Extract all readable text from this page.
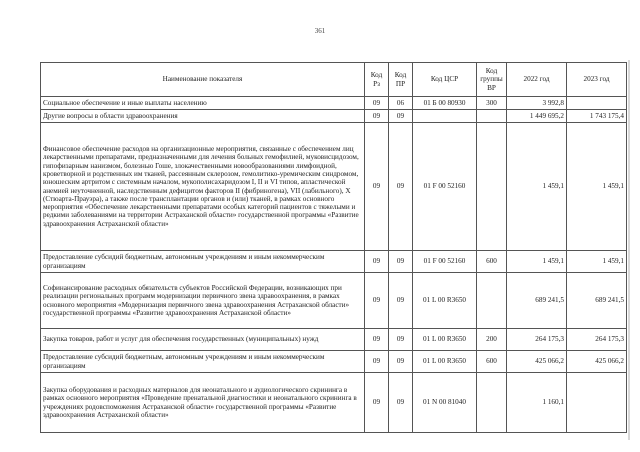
361
Наименование показателя	Код Рз	Код ПР	Код ЦСР	Код группы ВР	2022 год	2023 год
Социальное обеспечение и иные выплаты населению	09	06	01 Б 00 80930	300	3 992,8	
Другие вопросы в области здравоохранения	09	09			1 449 695,2	1 743 175,4
Финансовое обеспечение расходов на организационные мероприятия, связанные с обеспечением лиц лекарственными препаратами, предназначенными для лечения больных гемофилией, муковисцидозом, гипофизарным нанизмом, болезнью Гоше, злокачественными новообразованиями лимфоидной, кроветворной и родственных им тканей, рассеянным склерозом, гемолитико-уремическим синдромом, юношеским артритом с системным началом, мукополисахаридозом I, II и VI типов, апластической анемией неуточненной, наследственным дефицитом факторов II (фибриногена), VII (лабильного), X (Стюарта-Прауэра), а также после трансплантации органов и (или) тканей, в рамках основного мероприятия «Обеспечение лекарственными препаратами особых категорий пациентов с тяжелыми и редкими заболеваниями на территории Астраханской области» государственной программы «Развитие здравоохранения Астраханской области»	09	09	01 F 00 52160		1 459,1	1 459,1
Предоставление субсидий бюджетным, автономным учреждениям и иным некоммерческим организациям	09	09	01 F 00 52160	600	1 459,1	1 459,1
Софинансирование расходных обязательств субъектов Российской Федерации, возникающих при реализации региональных программ модернизации первичного звена здравоохранения, в рамках основного мероприятия «Модернизация первичного звена здравоохранения Астраханской области» государственной программы «Развитие здравоохранения Астраханской области»	09	09	01 L 00 R3650		689 241,5	689 241,5
Закупка товаров, работ и услуг для обеспечения государственных (муниципальных) нужд	09	09	01 L 00 R3650	200	264 175,3	264 175,3
Предоставление субсидий бюджетным, автономным учреждениям и иным некоммерческим организациям	09	09	01 L 00 R3650	600	425 066,2	425 066,2
Закупка оборудования и расходных материалов для неонатального и аудиологического скрининга в рамках основного мероприятия «Проведение пренатальной диагностики и неонатального скрининга в учреждениях родовспоможения Астраханской области» государственной программы «Развитие здравоохранения Астраханской области»	09	09	01 N 00 81040		1 160,1	
